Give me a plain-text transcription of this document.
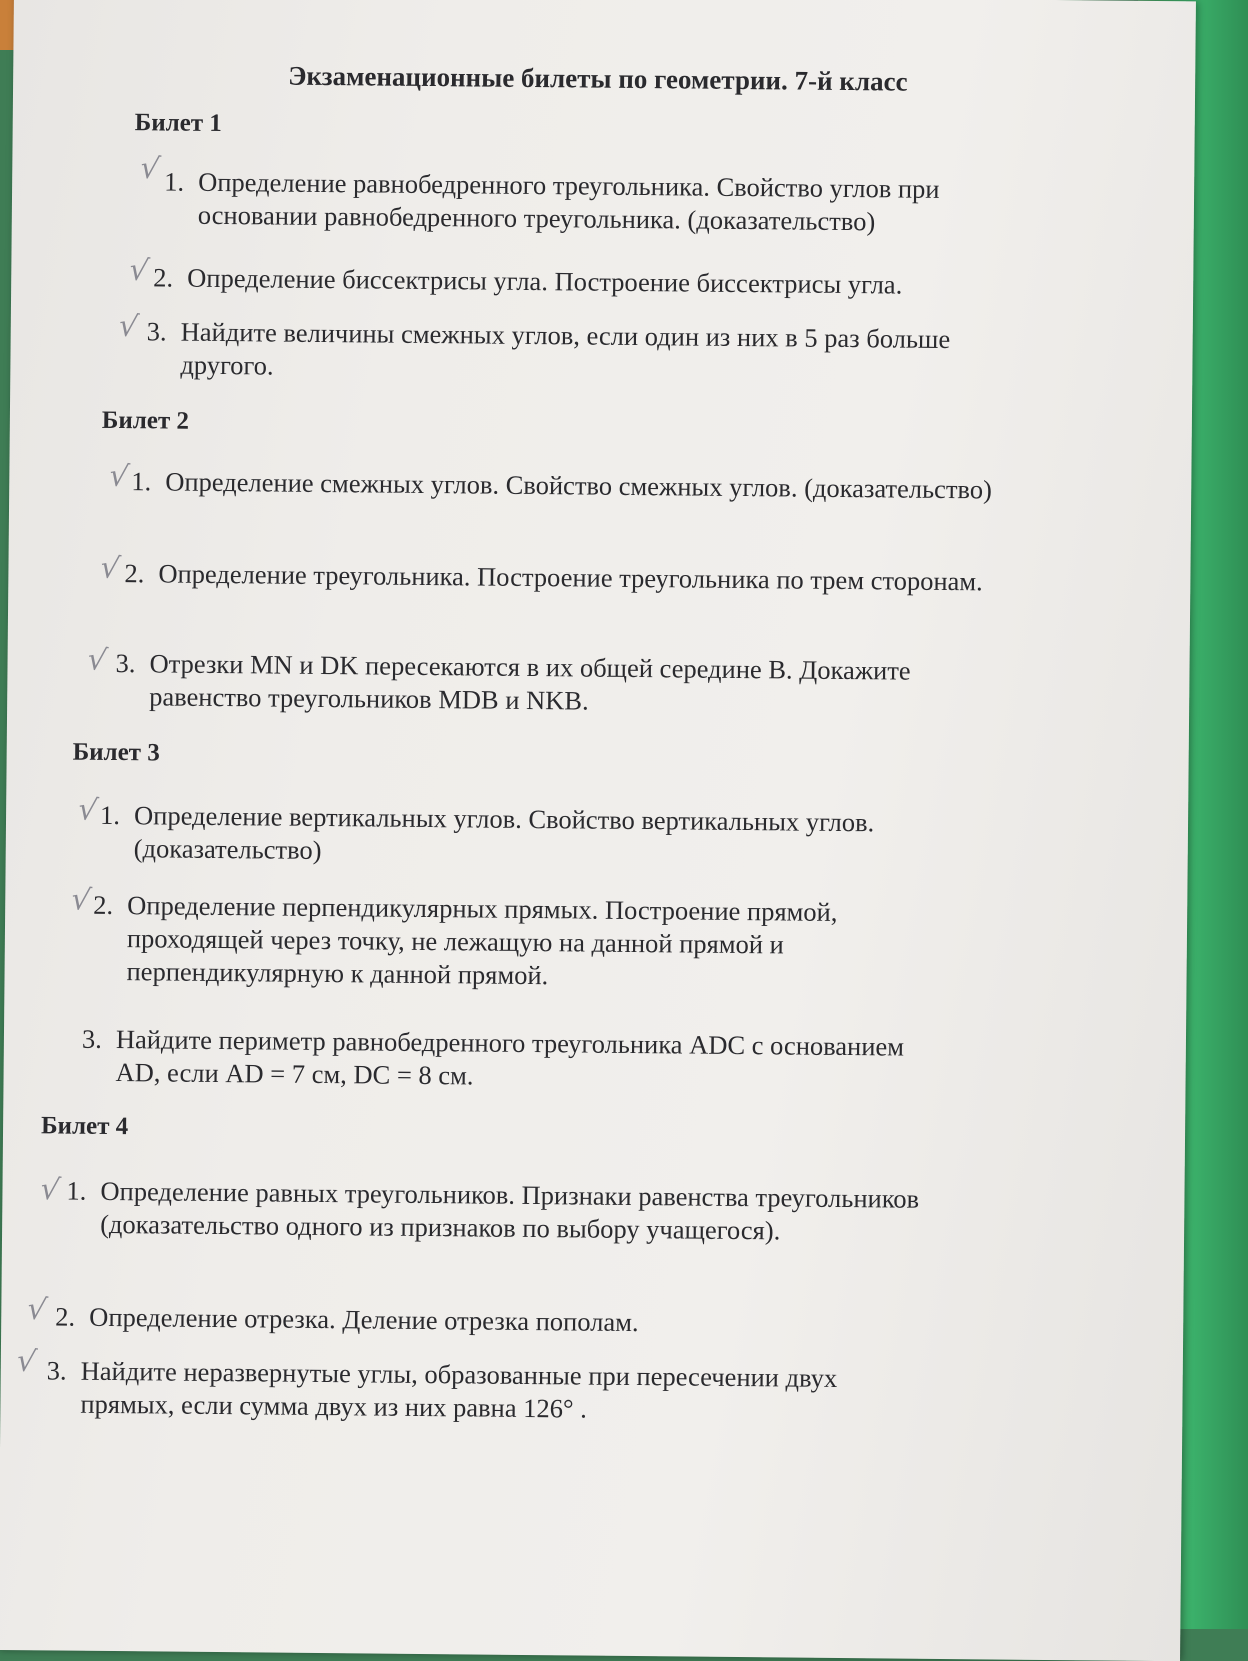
Экзаменационные билеты по геометрии. 7-й класс
Билет 1
√ 1. Определение равнобедренного треугольника. Свойство углов при основании равнобедренного треугольника. (доказательство)
√ 2. Определение биссектрисы угла. Построение биссектрисы угла.
√ 3. Найдите величины смежных углов, если один из них в 5 раз больше другого.
Билет 2
√ 1. Определение смежных углов. Свойство смежных углов. (доказательство)
√ 2. Определение треугольника. Построение треугольника по трем сторонам.
√ 3. Отрезки MN и DK пересекаются в их общей середине B. Докажите равенство треугольников MDB и NKB.
Билет 3
√ 1. Определение вертикальных углов. Свойство вертикальных углов. (доказательство)
√ 2. Определение перпендикулярных прямых. Построение прямой, проходящей через точку, не лежащую на данной прямой и перпендикулярную к данной прямой.
3. Найдите периметр равнобедренного треугольника ADC с основанием AD, если AD = 7 см, DC = 8 см.
Билет 4
√ 1. Определение равных треугольников. Признаки равенства треугольников (доказательство одного из признаков по выбору учащегося).
√ 2. Определение отрезка. Деление отрезка пополам.
√ 3. Найдите неразвернутые углы, образованные при пересечении двух прямых, если сумма двух из них равна 126° .
